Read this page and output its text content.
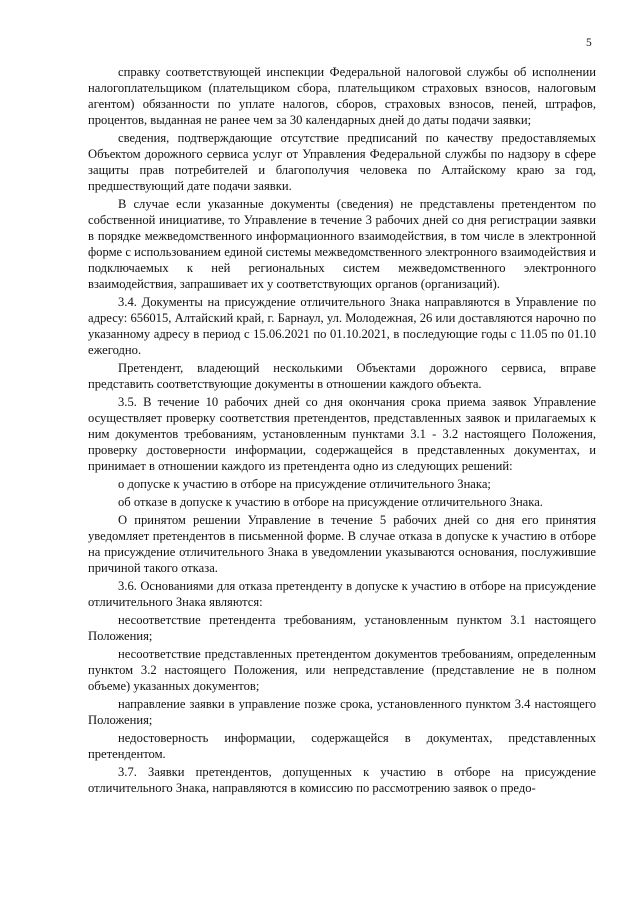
5

справку соответствующей инспекции Федеральной налоговой службы об исполнении налогоплательщиком (плательщиком сбора, плательщиком страховых взносов, налоговым агентом) обязанности по уплате налогов, сборов, страховых взносов, пеней, штрафов, процентов, выданная не ранее чем за 30 календарных дней до даты подачи заявки;

сведения, подтверждающие отсутствие предписаний по качеству предоставляемых Объектом дорожного сервиса услуг от Управления Федеральной службы по надзору в сфере защиты прав потребителей и благополучия человека по Алтайскому краю за год, предшествующий дате подачи заявки.

В случае если указанные документы (сведения) не представлены претендентом по собственной инициативе, то Управление в течение 3 рабочих дней со дня регистрации заявки в порядке межведомственного информационного взаимодействия, в том числе в электронной форме с использованием единой системы межведомственного электронного взаимодействия и подключаемых к ней региональных систем межведомственного электронного взаимодействия, запрашивает их у соответствующих органов (организаций).

3.4. Документы на присуждение отличительного Знака направляются в Управление по адресу: 656015, Алтайский край, г. Барнаул, ул. Молодежная, 26 или доставляются нарочно по указанному адресу в период с 15.06.2021 по 01.10.2021, в последующие годы с 11.05 по 01.10 ежегодно.

Претендент, владеющий несколькими Объектами дорожного сервиса, вправе представить соответствующие документы в отношении каждого объекта.

3.5. В течение 10 рабочих дней со дня окончания срока приема заявок Управление осуществляет проверку соответствия претендентов, представленных заявок и прилагаемых к ним документов требованиям, установленным пунктами 3.1 - 3.2 настоящего Положения, проверку достоверности информации, содержащейся в представленных документах, и принимает в отношении каждого из претендента одно из следующих решений:

о допуске к участию в отборе на присуждение отличительного Знака;

об отказе в допуске к участию в отборе на присуждение отличительного Знака.

О принятом решении Управление в течение 5 рабочих дней со дня его принятия уведомляет претендентов в письменной форме. В случае отказа в допуске к участию в отборе на присуждение отличительного Знака в уведомлении указываются основания, послужившие причиной такого отказа.

3.6. Основаниями для отказа претенденту в допуске к участию в отборе на присуждение отличительного Знака являются:

несоответствие претендента требованиям, установленным пунктом 3.1 настоящего Положения;

несоответствие представленных претендентом документов требованиям, определенным пунктом 3.2 настоящего Положения, или непредставление (представление не в полном объеме) указанных документов;

направление заявки в управление позже срока, установленного пунктом 3.4 настоящего Положения;

недостоверность информации, содержащейся в документах, представленных претендентом.

3.7. Заявки претендентов, допущенных к участию в отборе на присуждение отличительного Знака, направляются в комиссию по рассмотрению заявок о предо-
